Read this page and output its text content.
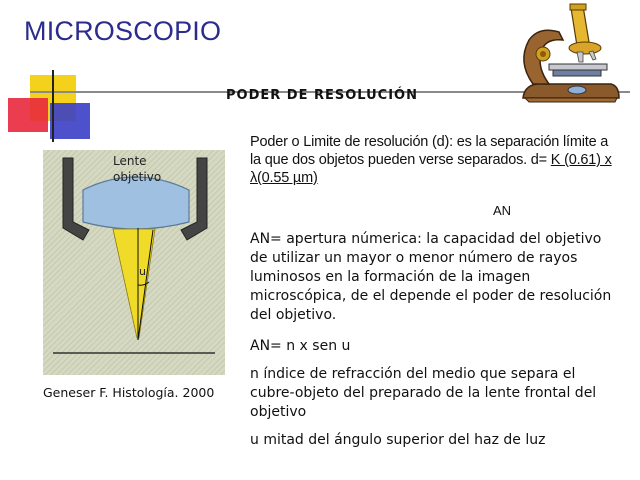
MICROSCOPIO
PODER DE RESOLUCIÓN
Poder o Limite de resolución (d): es la separación límite a la que dos objetos pueden verse separados. d= K (0.61) x λ(0.55 µm)
AN
AN= apertura númerica: la capacidad del objetivo de utilizar un mayor o menor número de rayos luminosos en la formación de la imagen microscópica, de el depende el poder de resolución del objetivo.
AN= n x sen u
n índice de refracción del medio que separa el cubre-objeto del preparado de la lente frontal del objetivo
u mitad del ángulo superior del haz de luz
Lente
objetivo
u
Geneser F. Histología. 2000
